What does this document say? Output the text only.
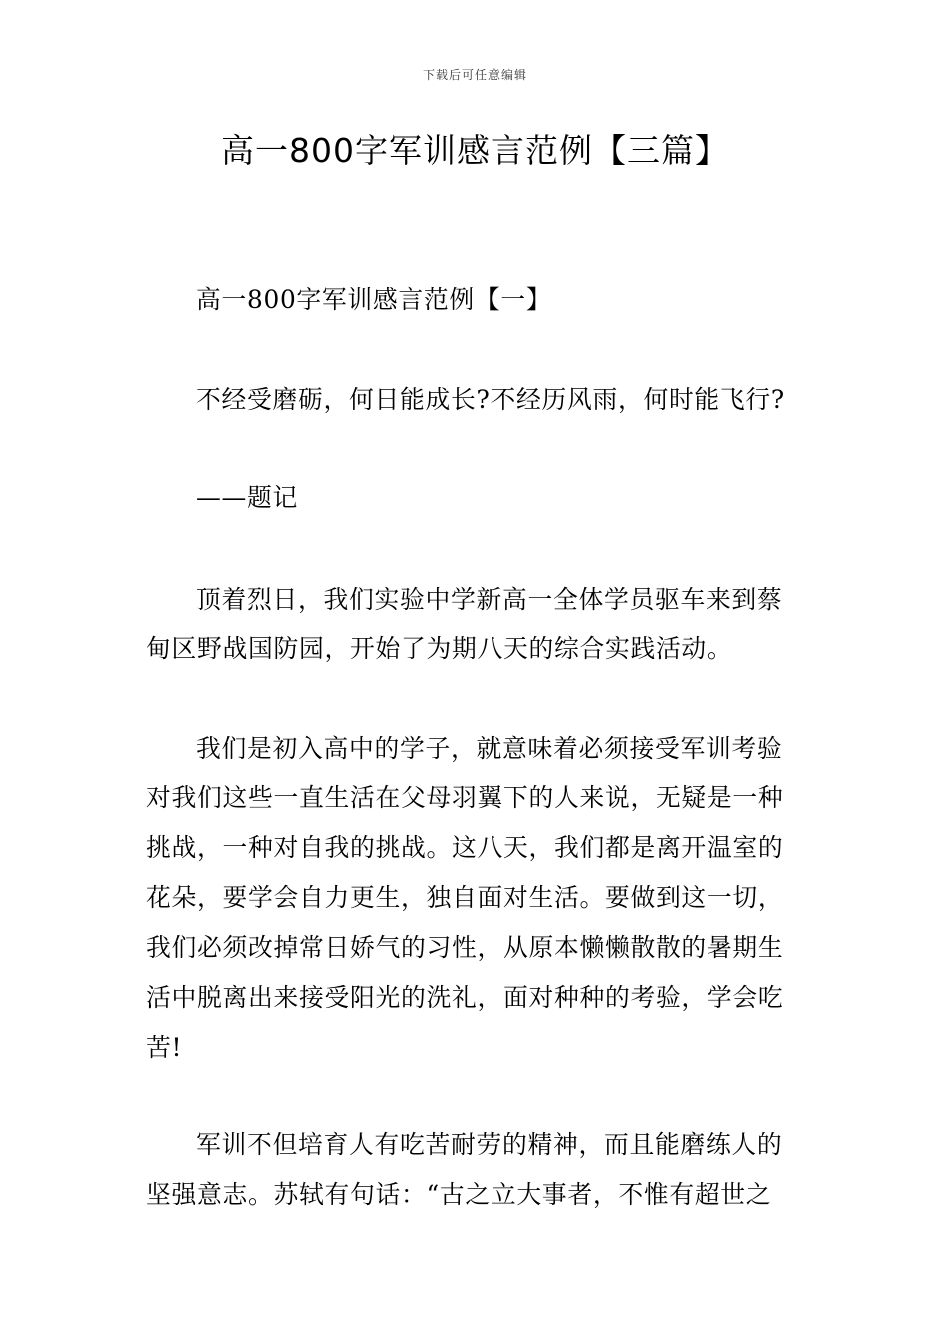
下载后可任意编辑
高一800字军训感言范例【三篇】
高一800字军训感言范例【一】
不经受磨砺，何日能成长?不经历风雨，何时能飞行?
——题记
顶着烈日，我们实验中学新高一全体学员驱车来到蔡
甸区野战国防园，开始了为期八天的综合实践活动。
我们是初入高中的学子，就意味着必须接受军训考验
对我们这些一直生活在父母羽翼下的人来说，无疑是一种
挑战，一种对自我的挑战。这八天，我们都是离开温室的
花朵，要学会自力更生，独自面对生活。要做到这一切，
我们必须改掉常日娇气的习性，从原本懒懒散散的暑期生
活中脱离出来接受阳光的洗礼，面对种种的考验，学会吃
苦!
军训不但培育人有吃苦耐劳的精神，而且能磨练人的
坚强意志。苏轼有句话：“古之立大事者，不惟有超世之
